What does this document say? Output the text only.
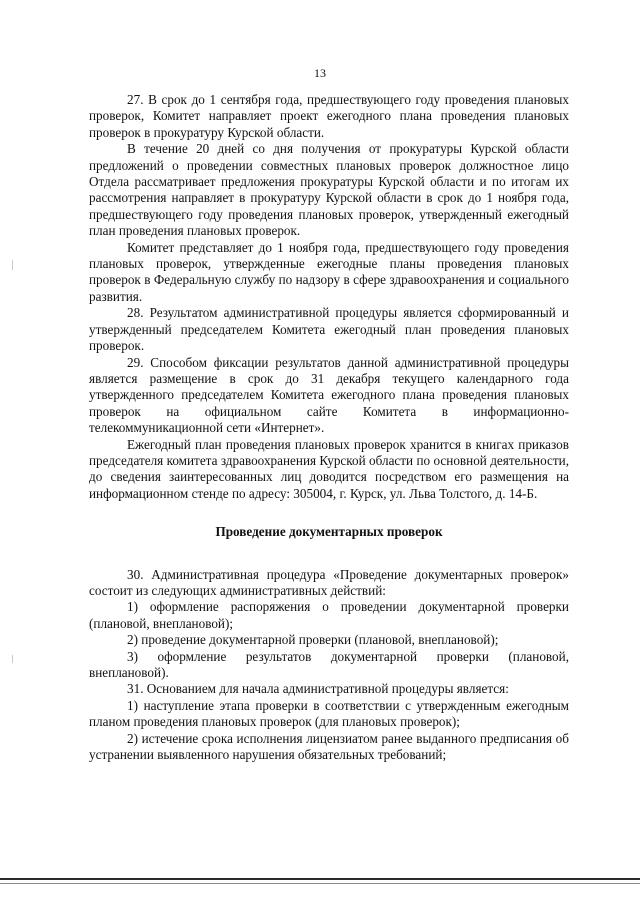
13

27. В срок до 1 сентября года, предшествующего году проведения плановых проверок, Комитет направляет проект ежегодного плана проведения плановых проверок в прокуратуру Курской области.

В течение 20 дней со дня получения от прокуратуры Курской области предложений о проведении совместных плановых проверок должностное лицо Отдела рассматривает предложения прокуратуры Курской области и по итогам их рассмотрения направляет в прокуратуру Курской области в срок до 1 ноября года, предшествующего году проведения плановых проверок, утвержденный ежегодный план проведения плановых проверок.

Комитет представляет до 1 ноября года, предшествующего году проведения плановых проверок, утвержденные ежегодные планы проведения плановых проверок в Федеральную службу по надзору в сфере здравоохранения и социального развития.

28. Результатом административной процедуры является сформированный и утвержденный председателем Комитета ежегодный план проведения плановых проверок.

29. Способом фиксации результатов данной административной процедуры является размещение в срок до 31 декабря текущего календарного года утвержденного председателем Комитета ежегодного плана проведения плановых проверок на официальном сайте Комитета в информационно-телекоммуникационной сети «Интернет».

Ежегодный план проведения плановых проверок хранится в книгах приказов председателя комитета здравоохранения Курской области по основной деятельности, до сведения заинтересованных лиц доводится посредством его размещения на информационном стенде по адресу: 305004, г. Курск, ул. Льва Толстого, д. 14-Б.

Проведение документарных проверок

30. Административная процедура «Проведение документарных проверок» состоит из следующих административных действий:

1) оформление распоряжения о проведении документарной проверки (плановой, внеплановой);

2) проведение документарной проверки (плановой, внеплановой);

3) оформление результатов документарной проверки (плановой, внеплановой).

31. Основанием для начала административной процедуры является:

1) наступление этапа проверки в соответствии с утвержденным ежегодным планом проведения плановых проверок (для плановых проверок);

2) истечение срока исполнения лицензиатом ранее выданного предписания об устранении выявленного нарушения обязательных требований;
